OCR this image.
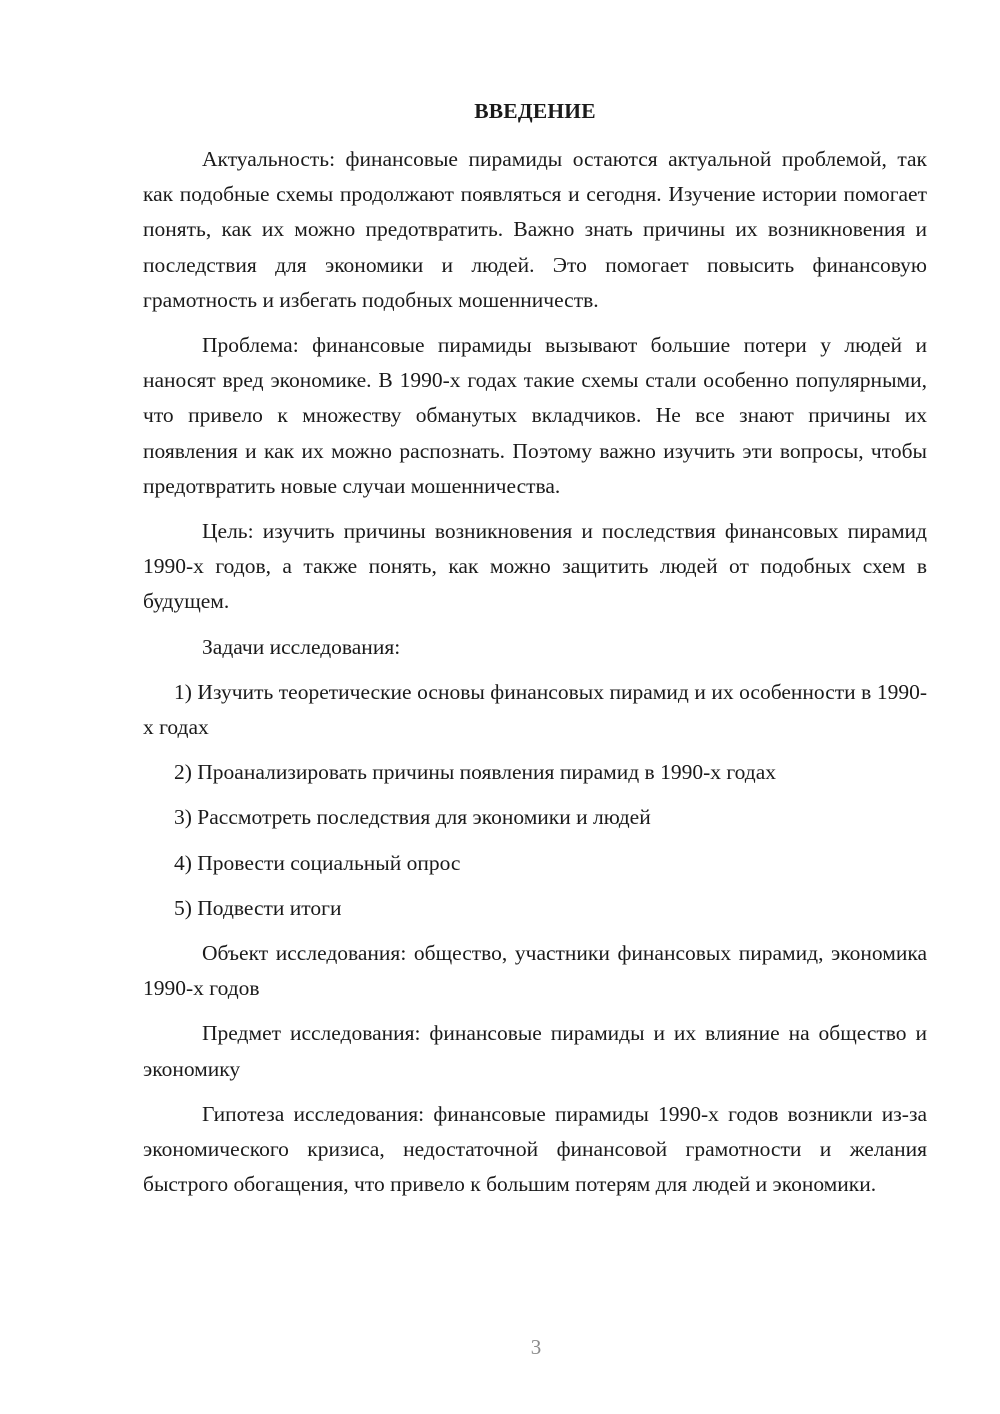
ВВЕДЕНИЕ

Актуальность: финансовые пирамиды остаются актуальной проблемой, так как подобные схемы продолжают появляться и сегодня. Изучение истории помогает понять, как их можно предотвратить. Важно знать причины их возникновения и последствия для экономики и людей. Это помогает повысить финансовую грамотность и избегать подобных мошенничеств.

Проблема: финансовые пирамиды вызывают большие потери у людей и наносят вред экономике. В 1990-х годах такие схемы стали особенно популярными, что привело к множеству обманутых вкладчиков. Не все знают причины их появления и как их можно распознать. Поэтому важно изучить эти вопросы, чтобы предотвратить новые случаи мошенничества.

Цель: изучить причины возникновения и последствия финансовых пирамид 1990-х годов, а также понять, как можно защитить людей от подобных схем в будущем.

Задачи исследования:

1) Изучить теоретические основы финансовых пирамид и их особенности в 1990-х годах

2) Проанализировать причины появления пирамид в 1990-х годах

3) Рассмотреть последствия для экономики и людей

4) Провести социальный опрос

5) Подвести итоги

Объект исследования: общество, участники финансовых пирамид, экономика 1990-х годов

Предмет исследования: финансовые пирамиды и их влияние на общество и экономику

Гипотеза исследования: финансовые пирамиды 1990-х годов возникли из-за экономического кризиса, недостаточной финансовой грамотности и желания быстрого обогащения, что привело к большим потерям для людей и экономики.

3
